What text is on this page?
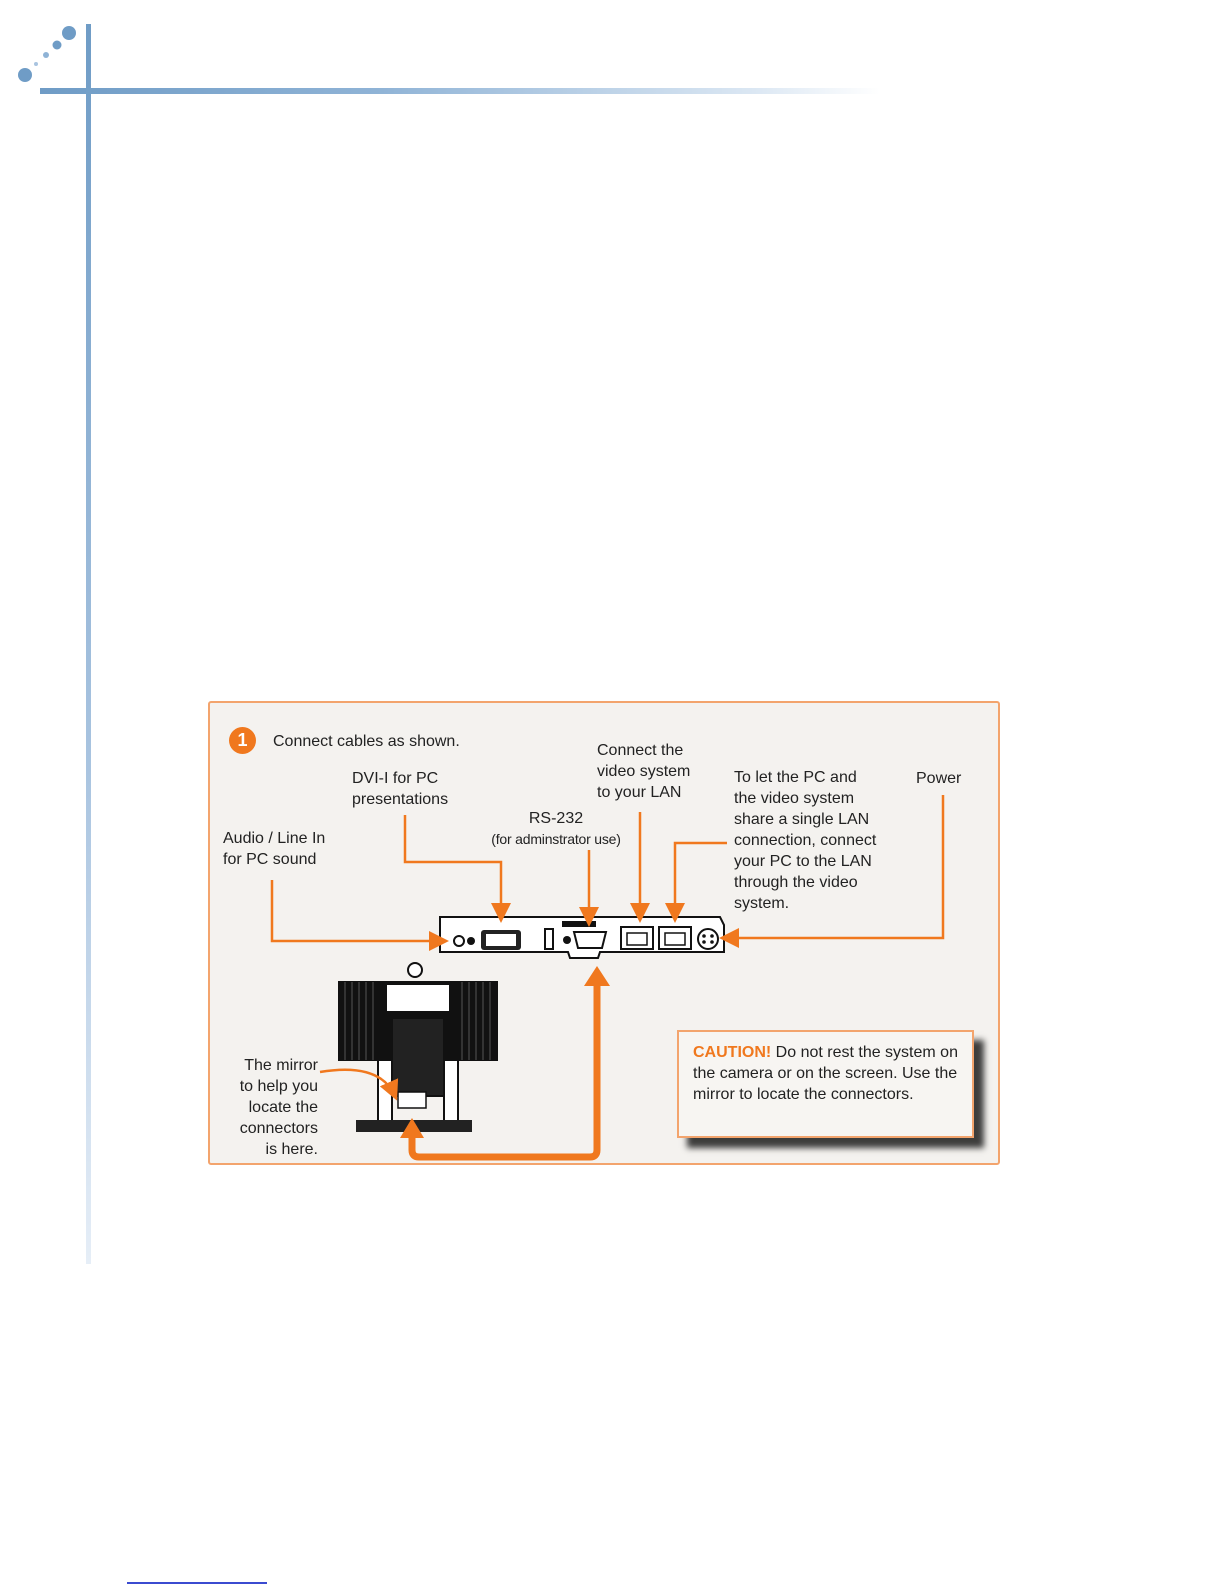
1	Connect cables as shown.
Audio / Line In
for PC sound
DVI-I for PC
presentations
RS-232
(for adminstrator use)
Connect the
video system
to your LAN
To let the PC and
the video system
share a single LAN
connection, connect
your PC to the LAN
through the video
system.
Power
The mirror
to help you
locate the
connectors
is here.
CAUTION! Do not rest the system on the camera or on the screen. Use the mirror to locate the connectors.
